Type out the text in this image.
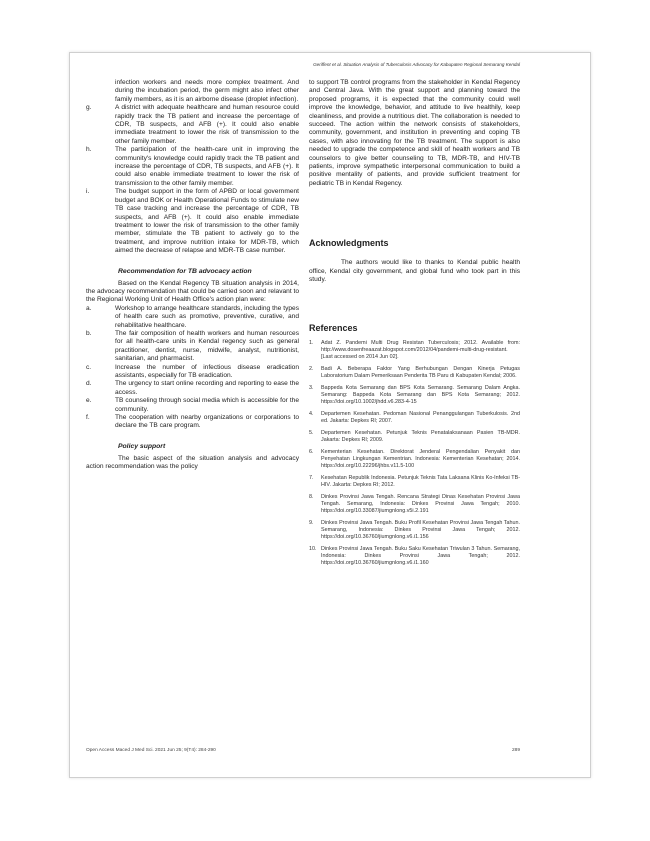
Geriffent et al. Situation Analysis of Tuberculosis Advocacy for Kabupaten Regional Semarang Kendal

infection workers and needs more complex treatment. And during the incubation period, the germ might also infect other family members, as it is an airborne disease (droplet infection).

g.	A district with adequate healthcare and human resource could rapidly track the TB patient and increase the percentage of CDR, TB suspects, and AFB (+). It could also enable immediate treatment to lower the risk of transmission to the other family member.
h.	The participation of the health-care unit in improving the community's knowledge could rapidly track the TB patient and increase the percentage of CDR, TB suspects, and AFB (+). It could also enable immediate treatment to lower the risk of transmission to the other family member.
i.	The budget support in the form of APBD or local government budget and BOK or Health Operational Funds to stimulate new TB case tracking and increase the percentage of CDR, TB suspects, and AFB (+). It could also enable immediate treatment to lower the risk of transmission to the other family member, stimulate the TB patient to actively go to the treatment, and improve nutrition intake for MDR-TB, which aimed the decrease of relapse and MDR-TB case number.
Recommendation for TB advocacy action

Based on the Kendal Regency TB situation analysis in 2014, the advocacy recommendation that could be carried soon and relavant to the Regional Working Unit of Health Office's action plan were:

a.	Workshop to arrange healthcare standards, including the types of health care such as promotive, preventive, curative, and rehabilitative healthcare.
b.	The fair composition of health workers and human resources for all health-care units in Kendal regency such as general practitioner, dentist, nurse, midwife, analyst, nutritionist, sanitarian, and pharmacist.
c.	Increase the number of infectious disease eradication assistants, especially for TB eradication.
d.	The urgency to start online recording and reporting to ease the access.
e.	TB counseling through social media which is accessible for the community.
f.	The cooperation with nearby organizations or corporations to declare the TB care program.
Policy support

The basic aspect of the situation analysis and advocacy action recommendation was the policy

to support TB control programs from the stakeholder in Kendal Regency and Central Java. With the great support and planning toward the proposed programs, it is expected that the community could well improve the knowledge, behavior, and attitude to live healthily, keep cleanliness, and provide a nutritious diet. The collaboration is needed to succeed. The action within the network consists of stakeholders, community, government, and institution in preventing and coping TB cases, with also innovating for the TB treatment. The support is also needed to upgrade the competence and skill of health workers and TB counselors to give better counseling to TB, MDR-TB, and HIV-TB patients, improve sympathetic interpersonal communication to build a positive mentality of patients, and provide sufficient treatment for pediatric TB in Kendal Regency.

Acknowledgments

The authors would like to thanks to Kendal public health office, Kendal city government, and global fund who took part in this study.

References
1.	Adat Z. Pandemi Multi Drug Resistan Tuberculosis; 2012. Available from: http://www.dosenfreaazat.blogspot.com/2012/04/pandemi-multi-drug-resistant. [Last accessed on 2014 Jun 02].
2.	Badi A. Beberapa Faktor Yang Berhubungan Dengan Kinerja Petugas Laboratorium Dalam Pemeriksaan Penderita TB Paru di Kabupaten Kendal; 2006.
3.	Bappeda Kota Semarang dan BPS Kota Semarang. Semarang Dalam Angka. Semarang: Bappeda Kota Semarang dan BPS Kota Semarang; 2012. https://doi.org/10.1002/jhdd.v6.283-4-15
4.	Departemen Kesehatan. Pedoman Nasional Penanggulangan Tuberkulosis. 2nd ed. Jakarta: Depkes RI; 2007.
5.	Departemen Kesehatan. Petunjuk Teknis Penatalaksanaan Pasien TB-MDR. Jakarta: Depkes RI; 2009.
6.	Kementerian Kesehatan. Direktorat Jenderal Pengendalian Penyakit dan Penyehatan Lingkungan Kementrian. Indonesia: Kementerian Kesehatan; 2014. https://doi.org/10.22296/jhbs.v11.5-100
7.	Kesehatan Republik Indonesia. Petunjuk Teknis Tata Laksana Klinis Ko-Infeksi TB-HIV. Jakarta: Depkes RI; 2012.
8.	Dinkes Provinsi Jawa Tengah. Rencana Strategi Dinas Kesehatan Provinsi Jawa Tengah. Semarang, Indonesia: Dinkes Provinsi Jawa Tengah; 2010. https://doi.org/10.33087/jiumgnlong.v5i.2.191
9.	Dinkes Provinsi Jawa Tengah. Buku Profil Kesehatan Provinsi Jawa Tengah Tahun. Semarang, Indonesia: Dinkes Provinsi Jawa Tengah; 2012. https://doi.org/10.36760/jiumgnlong.v6.i1.156
10. Dinkes Provinsi Jawa Tengah. Buku Saku Kesehatan Triwulan 3 Tahun. Semarang, Indonesia: Dinkes Provinsi Jawa Tengah; 2012. https://doi.org/10.36760/jiumgnlong.v6.i1.160
Open Access Maced J Med Sci. 2021 Jun 25; 9(T4): 284-290	289
